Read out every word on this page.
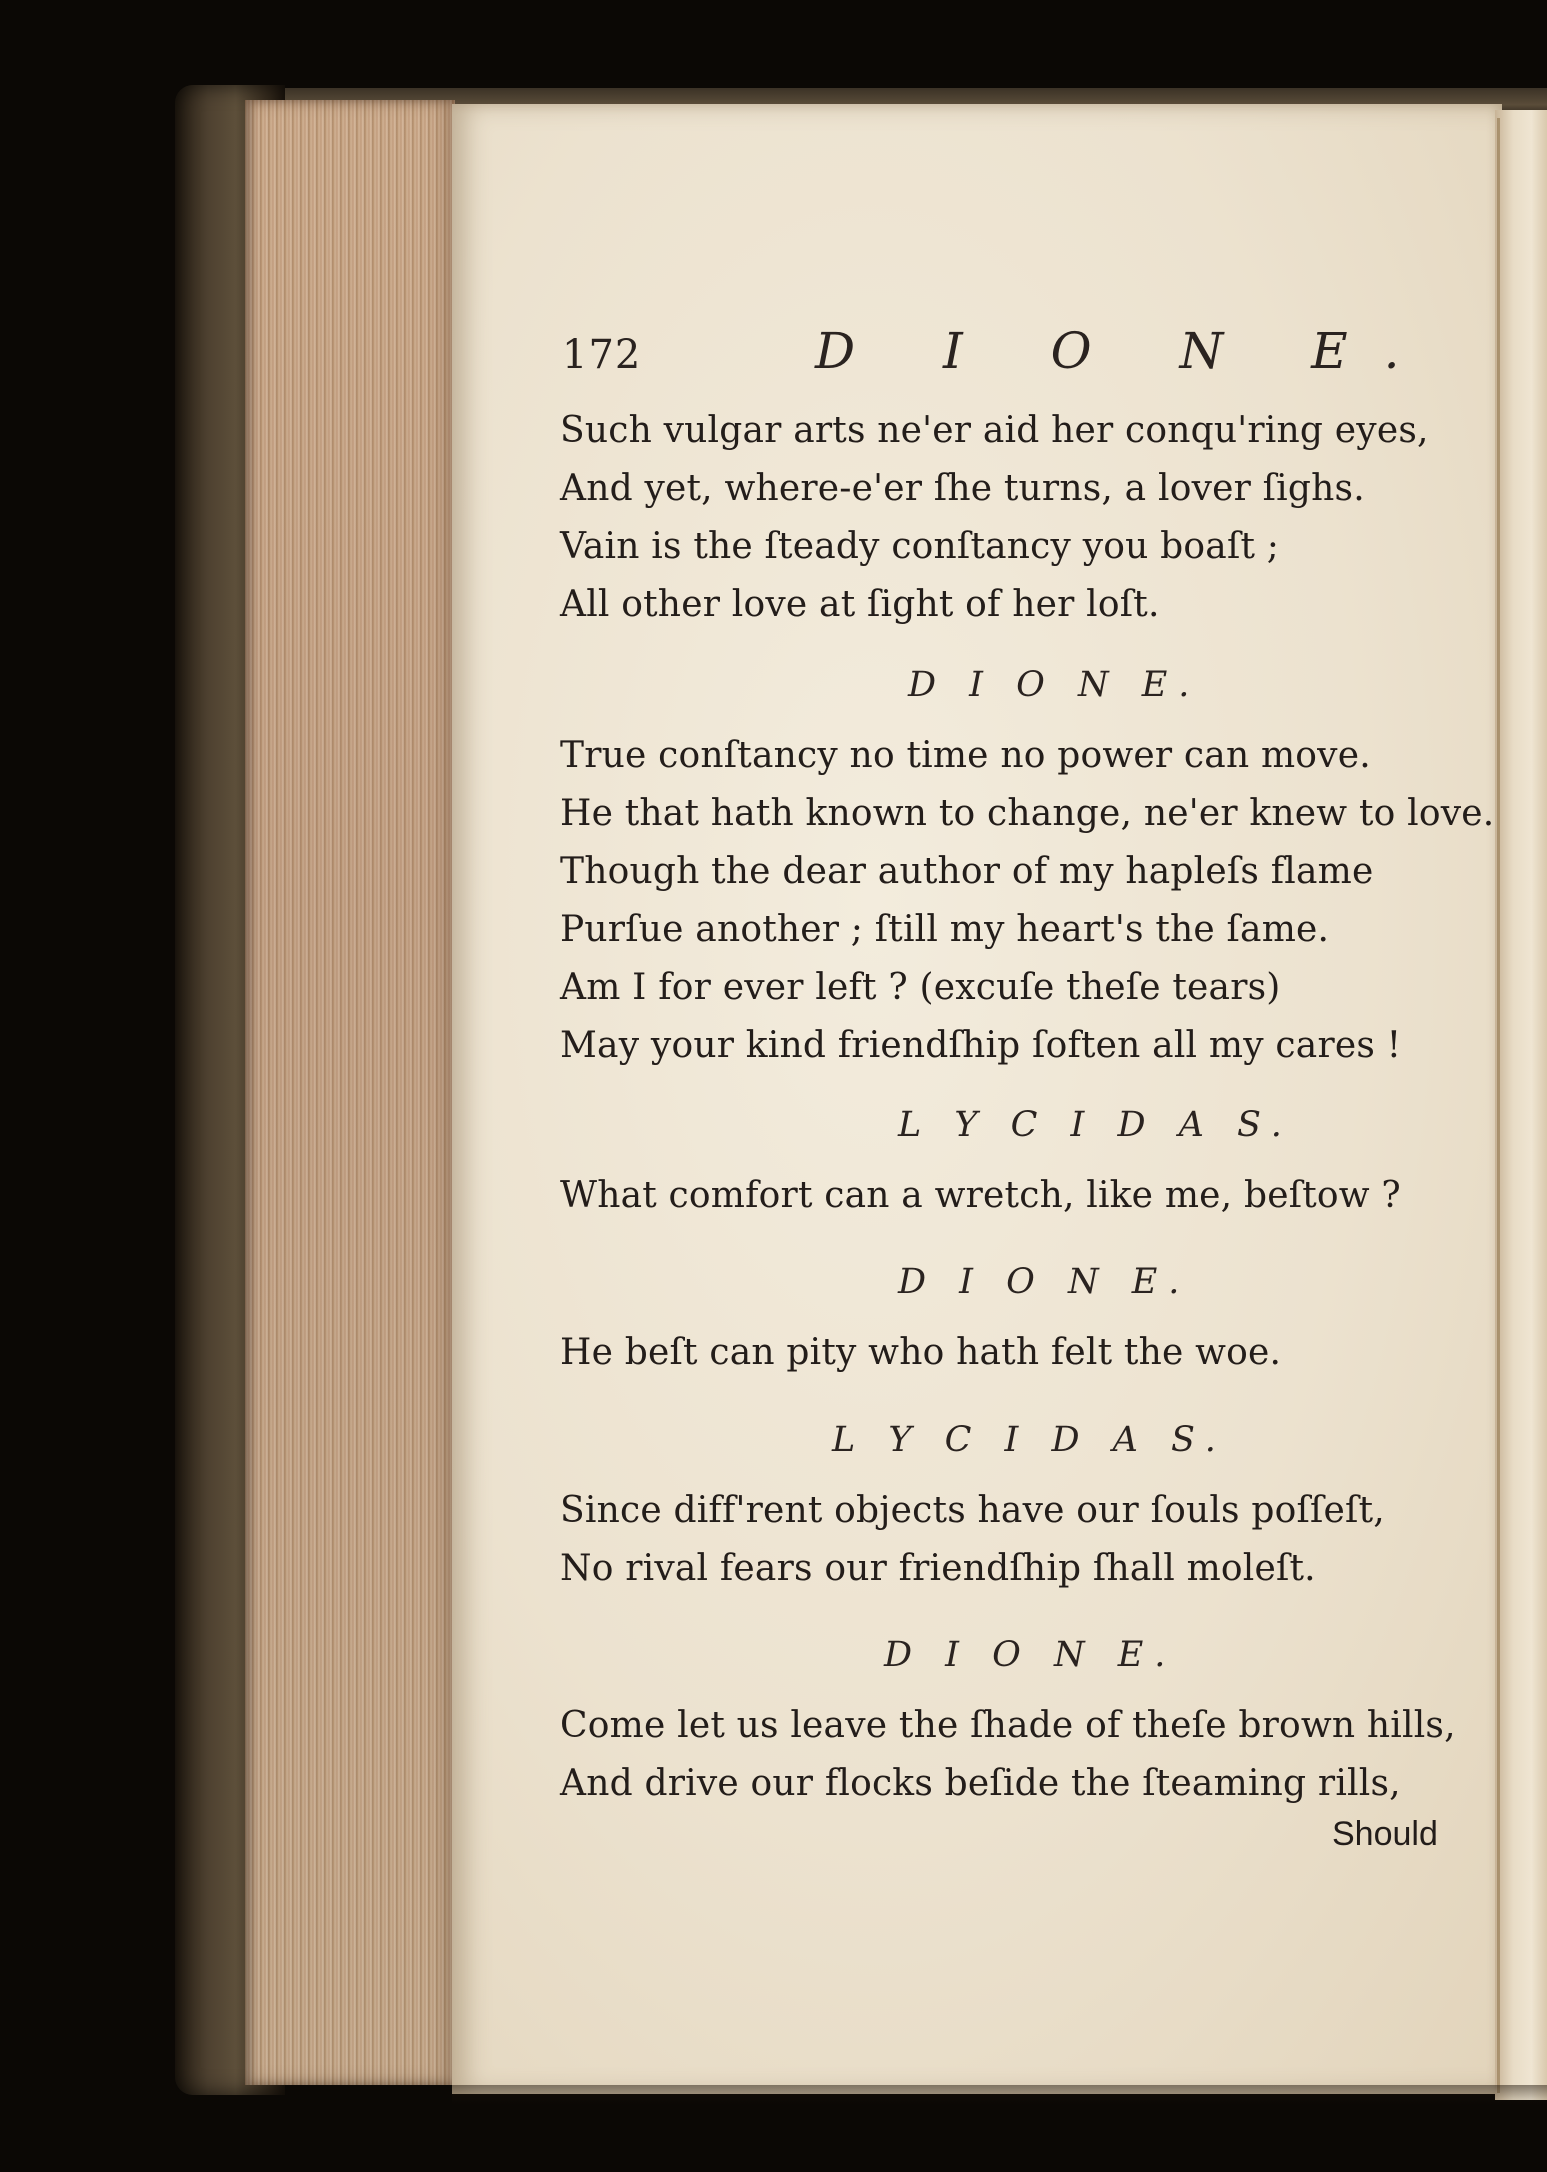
172	D I O N E.
Such vulgar arts ne'er aid her conqu'ring eyes,
And yet, where-e'er ſhe turns, a lover ſighs.
Vain is the ſteady conſtancy you boaſt ;
All other love at ſight of her loſt.
D I O N E.
True conſtancy no time no power can move.
He that hath known to change, ne'er knew to love.
Though the dear author of my hapleſs flame
Purſue another ; ſtill my heart's the ſame.
Am I for ever left ? (excuſe theſe tears)
May your kind friendſhip ſoften all my cares !
L Y C I D A S.
What comfort can a wretch, like me, beſtow ?
D I O N E.
He beſt can pity who hath felt the woe.
L Y C I D A S.
Since diff'rent objects have our ſouls poſſeſt,
No rival fears our friendſhip ſhall moleſt.
D I O N E.
Come let us leave the ſhade of theſe brown hills,
And drive our flocks beſide the ſteaming rills,
Should
